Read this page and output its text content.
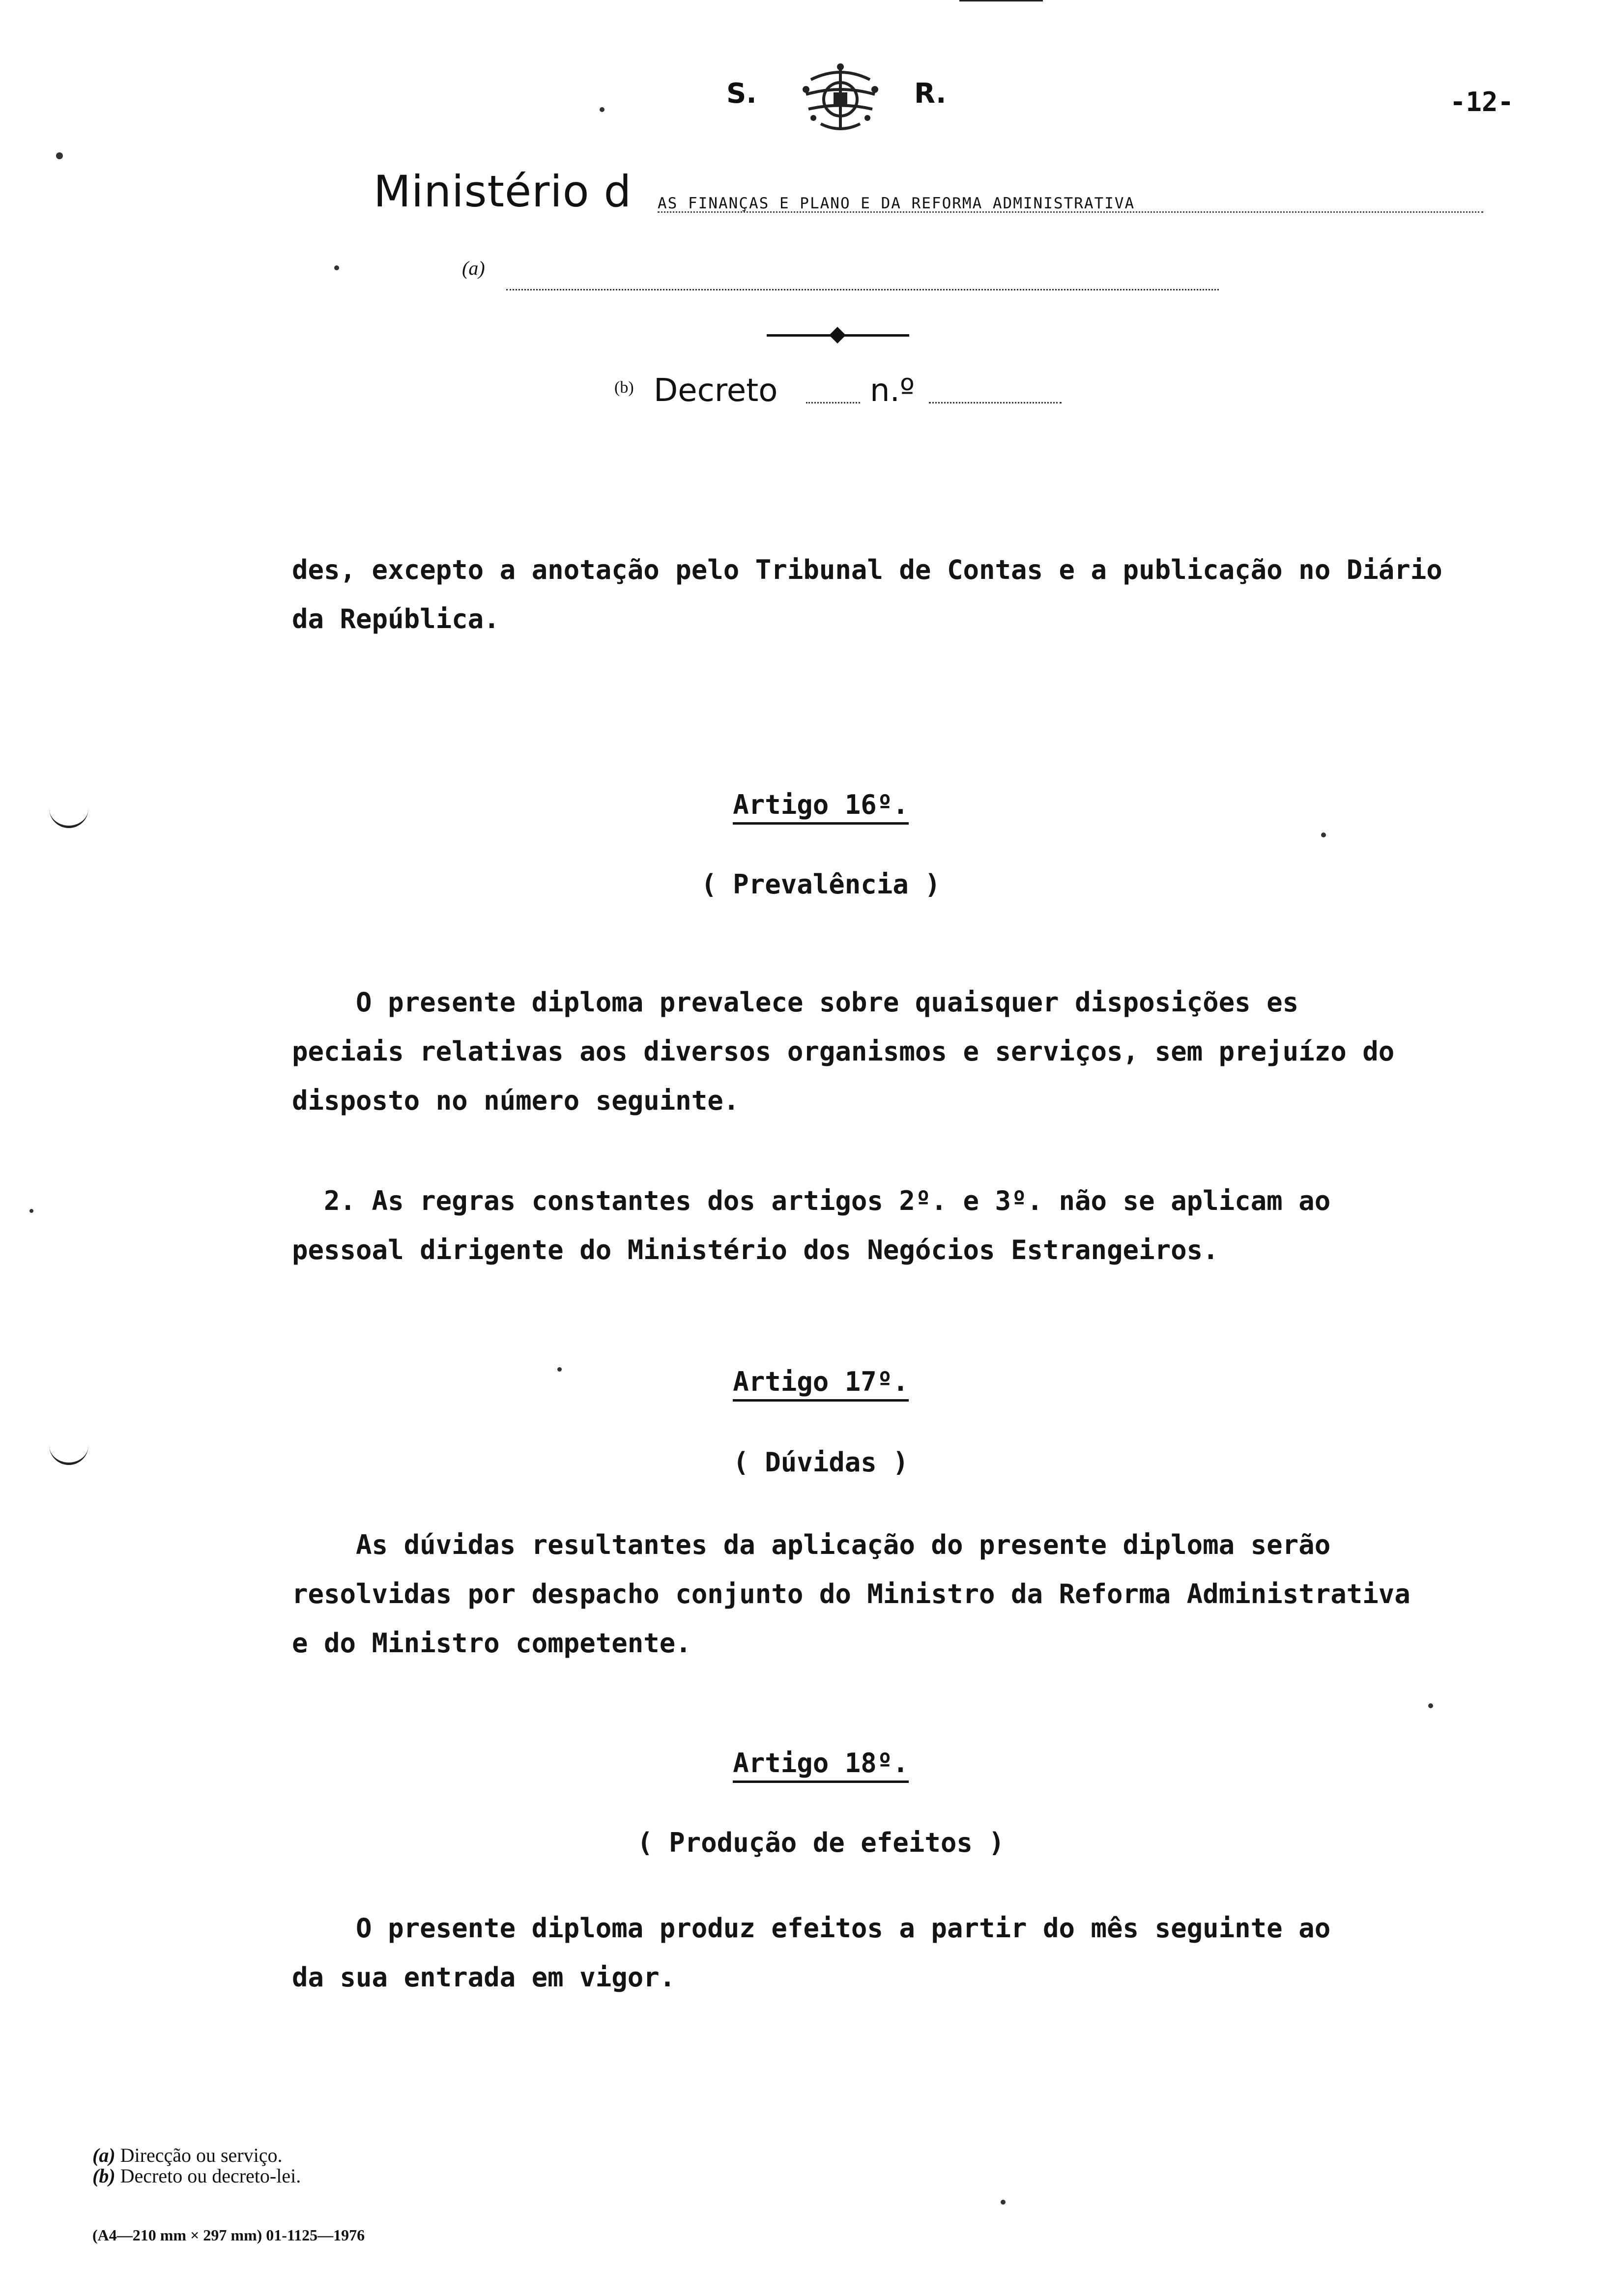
S.	R.	-12-
Ministério d AS FINANÇAS E PLANO E DA REFORMA ADMINISTRATIVA
(a)
(b) Decreto	n.º
des, excepto a anotação pelo Tribunal de Contas e a publicação no Diário
da República.
Artigo 16º.
( Prevalência )
O presente diploma prevalece sobre quaisquer disposições es
peciais relativas aos diversos organismos e serviços, sem prejuízo do
disposto no número seguinte.
2. As regras constantes dos artigos 2º. e 3º. não se aplicam ao
pessoal dirigente do Ministério dos Negócios Estrangeiros.
Artigo 17º.
( Dúvidas )
As dúvidas resultantes da aplicação do presente diploma serão
resolvidas por despacho conjunto do Ministro da Reforma Administrativa
e do Ministro competente.
Artigo 18º.
( Produção de efeitos )
O presente diploma produz efeitos a partir do mês seguinte ao
da sua entrada em vigor.
(a) Direcção ou serviço.
(b) Decreto ou decreto-lei.
(A4—210 mm × 297 mm) 01-1125—1976
